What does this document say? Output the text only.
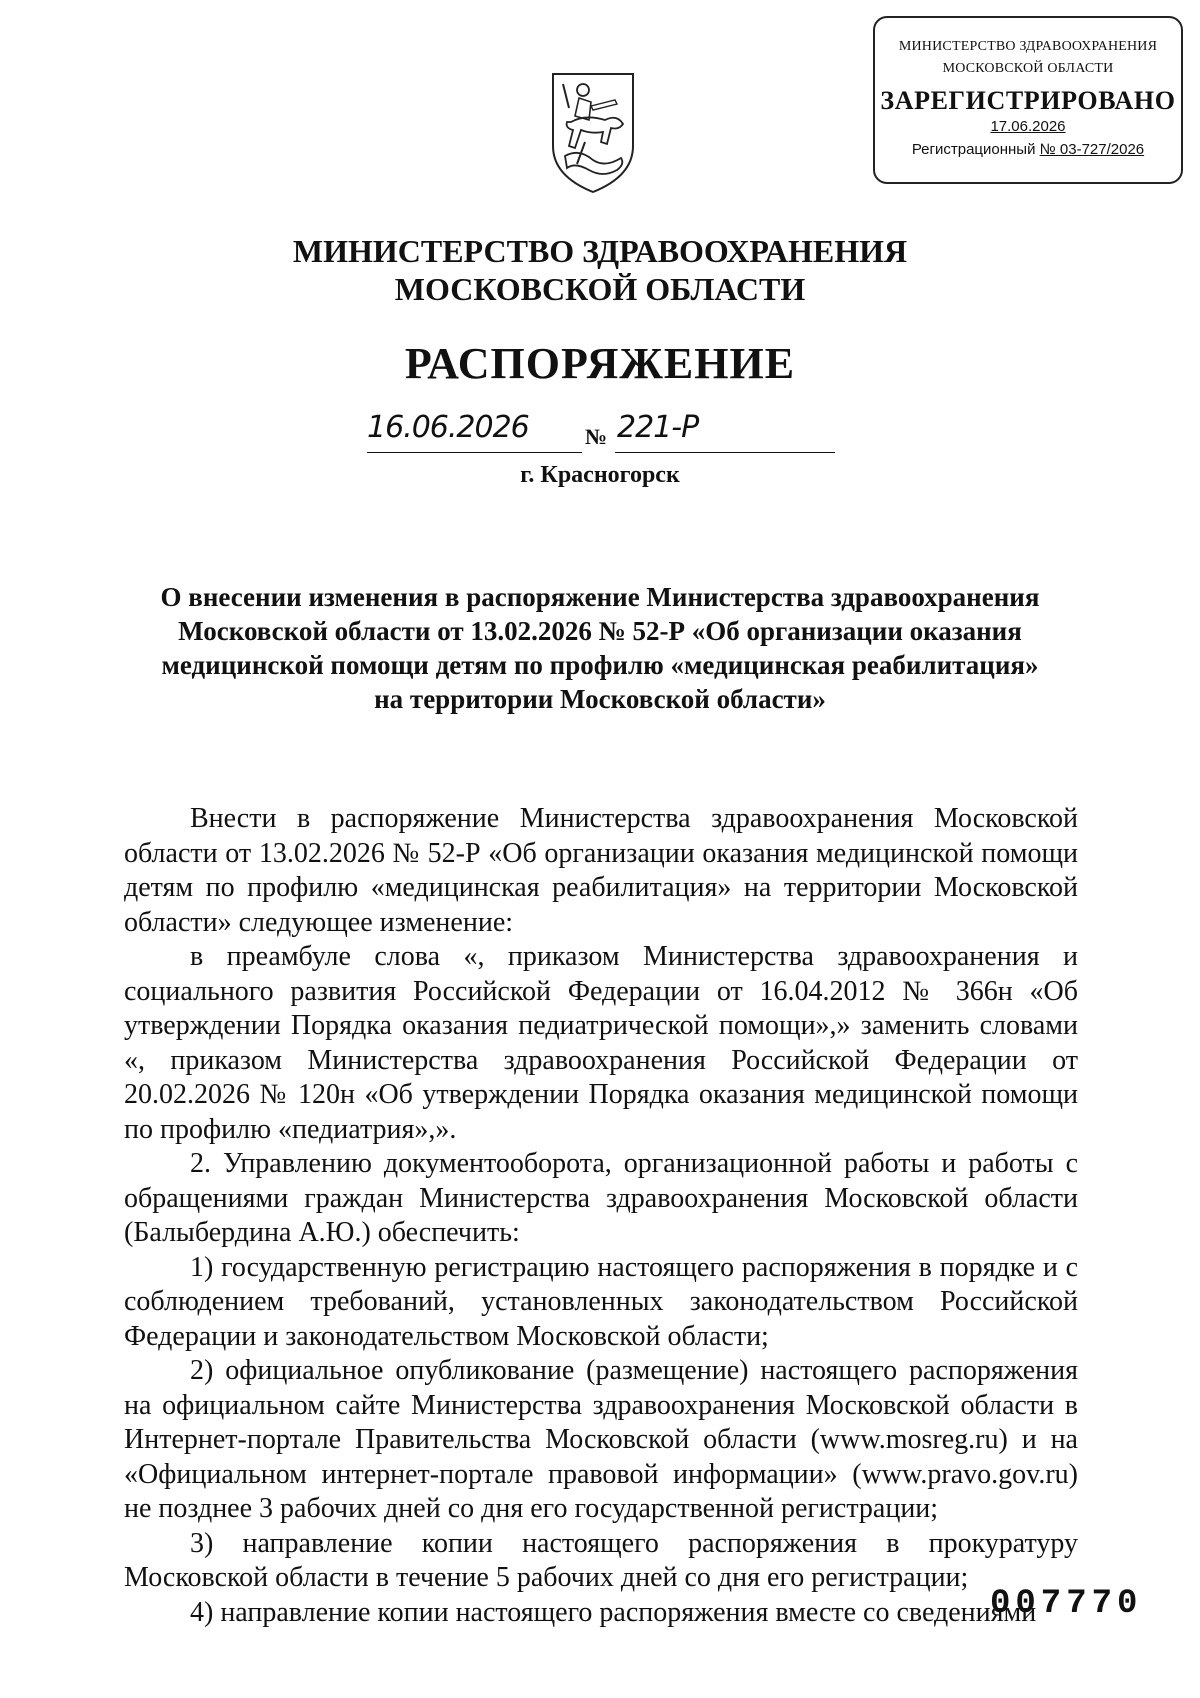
МИНИСТЕРСТВО ЗДРАВООХРАНЕНИЯ
МОСКОВСКОЙ ОБЛАСТИ
ЗАРЕГИСТРИРОВАНО
17.06.2026
Регистрационный № 03-727/2026
МИНИСТЕРСТВО ЗДРАВООХРАНЕНИЯ
МОСКОВСКОЙ ОБЛАСТИ
РАСПОРЯЖЕНИЕ
16.06.2026	№ 221-Р
г. Красногорск
О внесении изменения в распоряжение Министерства здравоохранения
Московской области от 13.02.2026 № 52-Р «Об организации оказания
медицинской помощи детям по профилю «медицинская реабилитация»
на территории Московской области»

Внести в распоряжение Министерства здравоохранения Московской области от 13.02.2026 № 52-Р «Об организации оказания медицинской помощи детям по профилю «медицинская реабилитация» на территории Московской области» следующее изменение:

в преамбуле слова «, приказом Министерства здравоохранения и социального развития Российской Федерации от 16.04.2012 № 366н «Об утверждении Порядка оказания педиатрической помощи»,» заменить словами «, приказом Министерства здравоохранения Российской Федерации от 20.02.2026 № 120н «Об утверждении Порядка оказания медицинской помощи по профилю «педиатрия»,».

2. Управлению документооборота, организационной работы и работы с обращениями граждан Министерства здравоохранения Московской области (Балыбердина А.Ю.) обеспечить:

1) государственную регистрацию настоящего распоряжения в порядке и с соблюдением требований, установленных законодательством Российской Федерации и законодательством Московской области;

2) официальное опубликование (размещение) настоящего распоряжения на официальном сайте Министерства здравоохранения Московской области в Интернет-портале Правительства Московской области (www.mosreg.ru) и на «Официальном интернет-портале правовой информации» (www.pravo.gov.ru) не позднее 3 рабочих дней со дня его государственной регистрации;

3) направление копии настоящего распоряжения в прокуратуру Московской области в течение 5 рабочих дней со дня его регистрации;

4) направление копии настоящего распоряжения вместе со сведениями

007770
